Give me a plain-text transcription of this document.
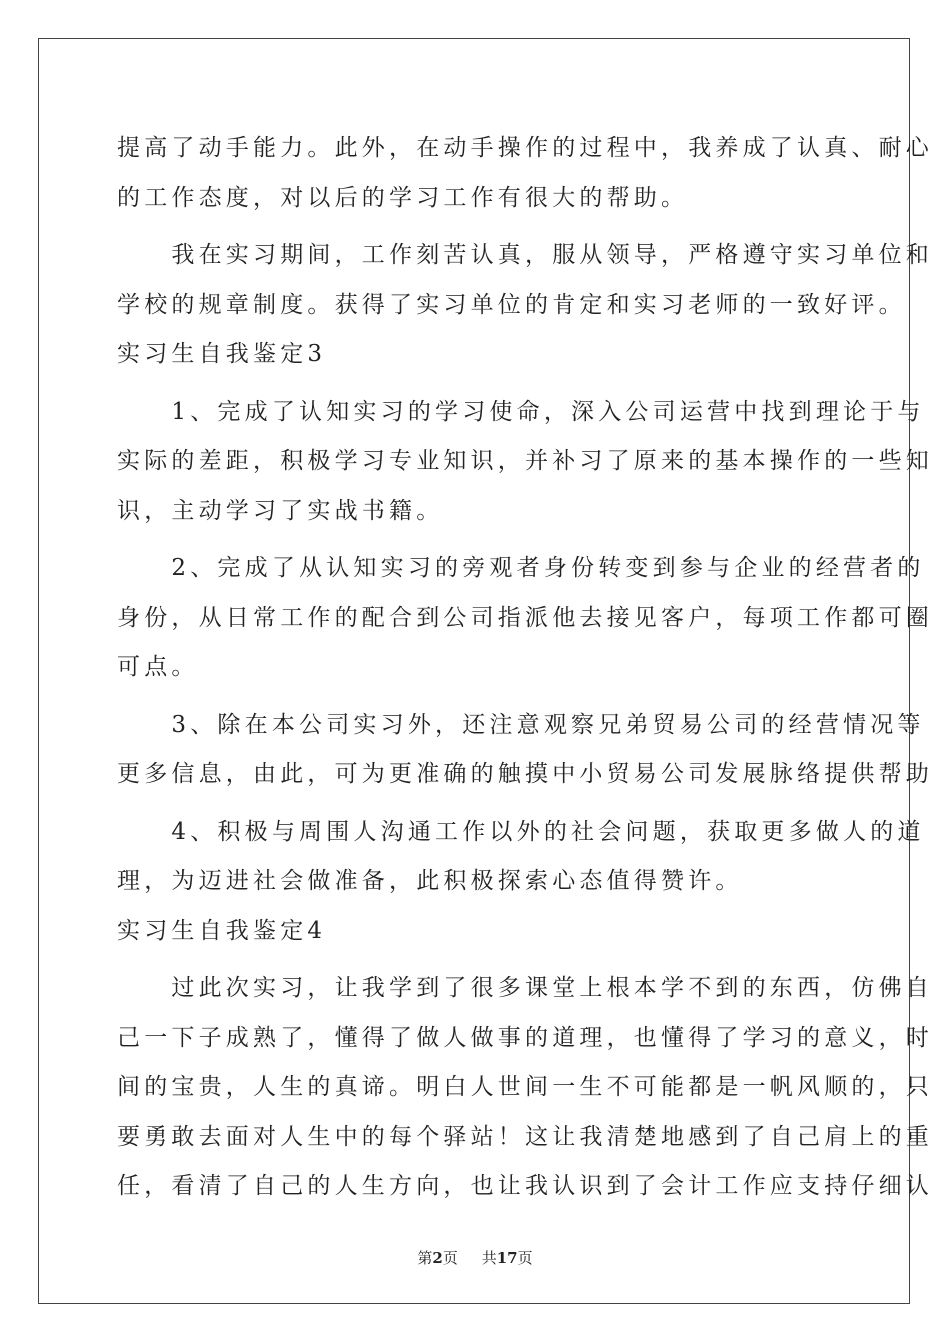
提高了动手能力。此外，在动手操作的过程中，我养成了认真、耐心
的工作态度，对以后的学习工作有很大的帮助。
　　我在实习期间，工作刻苦认真，服从领导，严格遵守实习单位和
学校的规章制度。获得了实习单位的肯定和实习老师的一致好评。
实习生自我鉴定3
　　1、完成了认知实习的学习使命，深入公司运营中找到理论于与
实际的差距，积极学习专业知识，并补习了原来的基本操作的一些知
识，主动学习了实战书籍。
　　2、完成了从认知实习的旁观者身份转变到参与企业的经营者的
身份，从日常工作的配合到公司指派他去接见客户，每项工作都可圈
可点。
　　3、除在本公司实习外，还注意观察兄弟贸易公司的经营情况等
更多信息，由此，可为更准确的触摸中小贸易公司发展脉络提供帮助
　　4、积极与周围人沟通工作以外的社会问题，获取更多做人的道
理，为迈进社会做准备，此积极探索心态值得赞许。
实习生自我鉴定4
　　过此次实习，让我学到了很多课堂上根本学不到的东西，仿佛自
己一下子成熟了，懂得了做人做事的道理，也懂得了学习的意义，时
间的宝贵，人生的真谛。明白人世间一生不可能都是一帆风顺的，只
要勇敢去面对人生中的每个驿站！这让我清楚地感到了自己肩上的重
任，看清了自己的人生方向，也让我认识到了会计工作应支持仔细认
第2页 共17页
